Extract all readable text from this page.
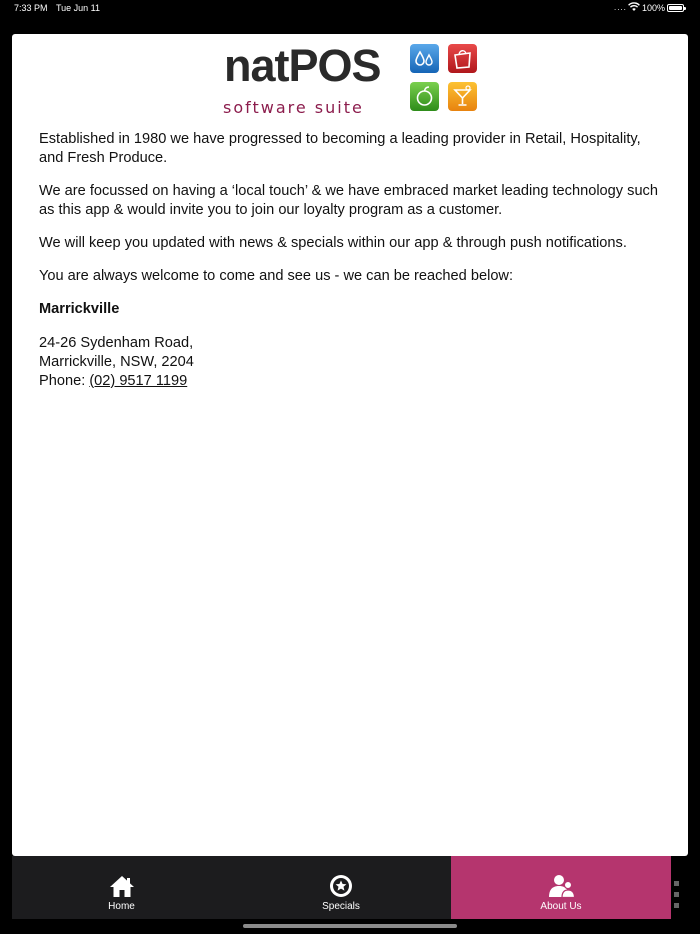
7:33 PM Tue Jun 11	.... 100%
natPOS
software suite

Established in 1980 we have progressed to becoming a leading provider in Retail, Hospitality, and Fresh Produce.

We are focussed on having a ‘local touch’ & we have embraced market leading technology such as this app & would invite you to join our loyalty program as a customer.

We will keep you updated with news & specials within our app & through push notifications.

You are always welcome to come and see us - we can be reached below:

Marrickville

24-26 Sydenham Road,

Marrickville, NSW, 2204

Phone: (02) 9517 1199

Home	Specials	About Us
